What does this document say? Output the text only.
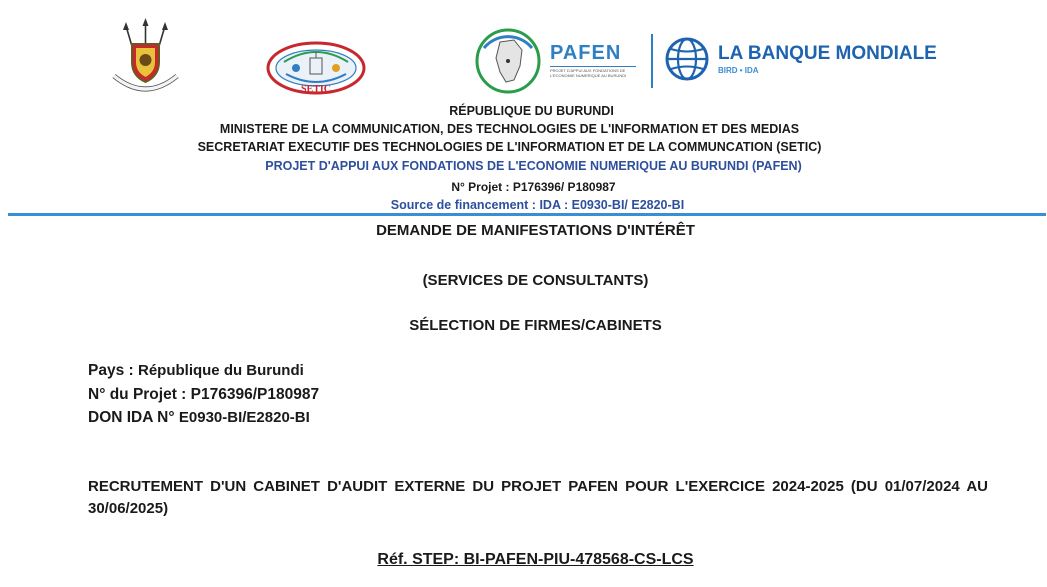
SETIC
PAFEN
PROJET D'APPUI AUX FONDATIONS DE L'ECONOMIE NUMERIQUE AU BURUNDI
LA BANQUE MONDIALE
BIRD • IDA
RÉPUBLIQUE DU BURUNDI
MINISTERE DE LA COMMUNICATION, DES TECHNOLOGIES DE L'INFORMATION ET DES MEDIAS
SECRETARIAT EXECUTIF DES TECHNOLOGIES DE L'INFORMATION ET DE LA COMMUNCATION (SETIC)
PROJET D'APPUI AUX FONDATIONS DE L'ECONOMIE NUMERIQUE AU BURUNDI (PAFEN)
N° Projet : P176396/ P180987
Source de financement : IDA : E0930-BI/ E2820-BI
DEMANDE DE MANIFESTATIONS D'INTÉRÊT
(SERVICES DE CONSULTANTS)
SÉLECTION DE FIRMES/CABINETS
Pays : République du Burundi
N° du Projet : P176396/P180987
DON IDA N° E0930-BI/E2820-BI
RECRUTEMENT D'UN CABINET D'AUDIT EXTERNE DU PROJET PAFEN POUR L'EXERCICE 2024-2025 (DU 01/07/2024 AU 30/06/2025)
Réf. STEP: BI-PAFEN-PIU-478568-CS-LCS
